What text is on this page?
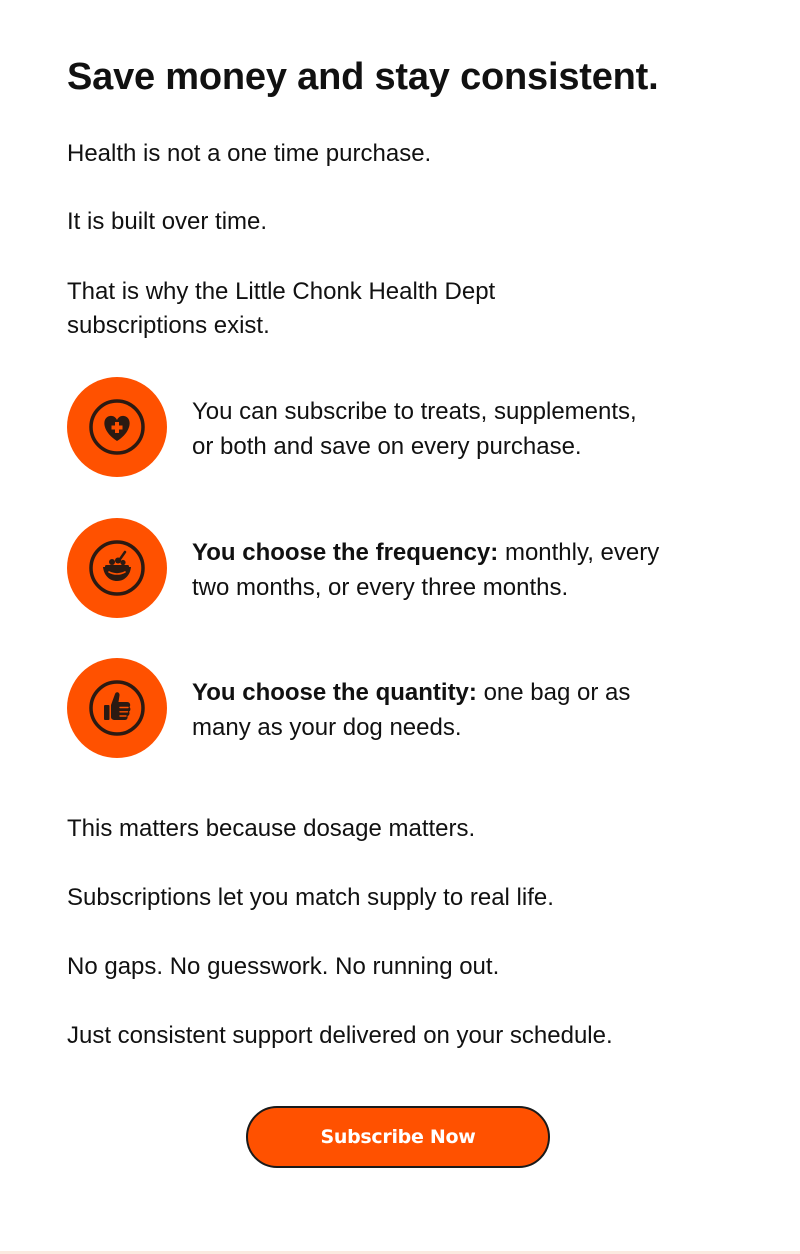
Save money and stay consistent.

Health is not a one time purchase.

It is built over time.

That is why the Little Chonk Health Dept

subscriptions exist.

You can subscribe to treats, supplements,
or both and save on every purchase.

You choose the frequency: monthly, every
two months, or every three months.

You choose the quantity: one bag or as
many as your dog needs.

This matters because dosage matters.

Subscriptions let you match supply to real life.

No gaps. No guesswork. No running out.

Just consistent support delivered on your schedule.

Subscribe Now
